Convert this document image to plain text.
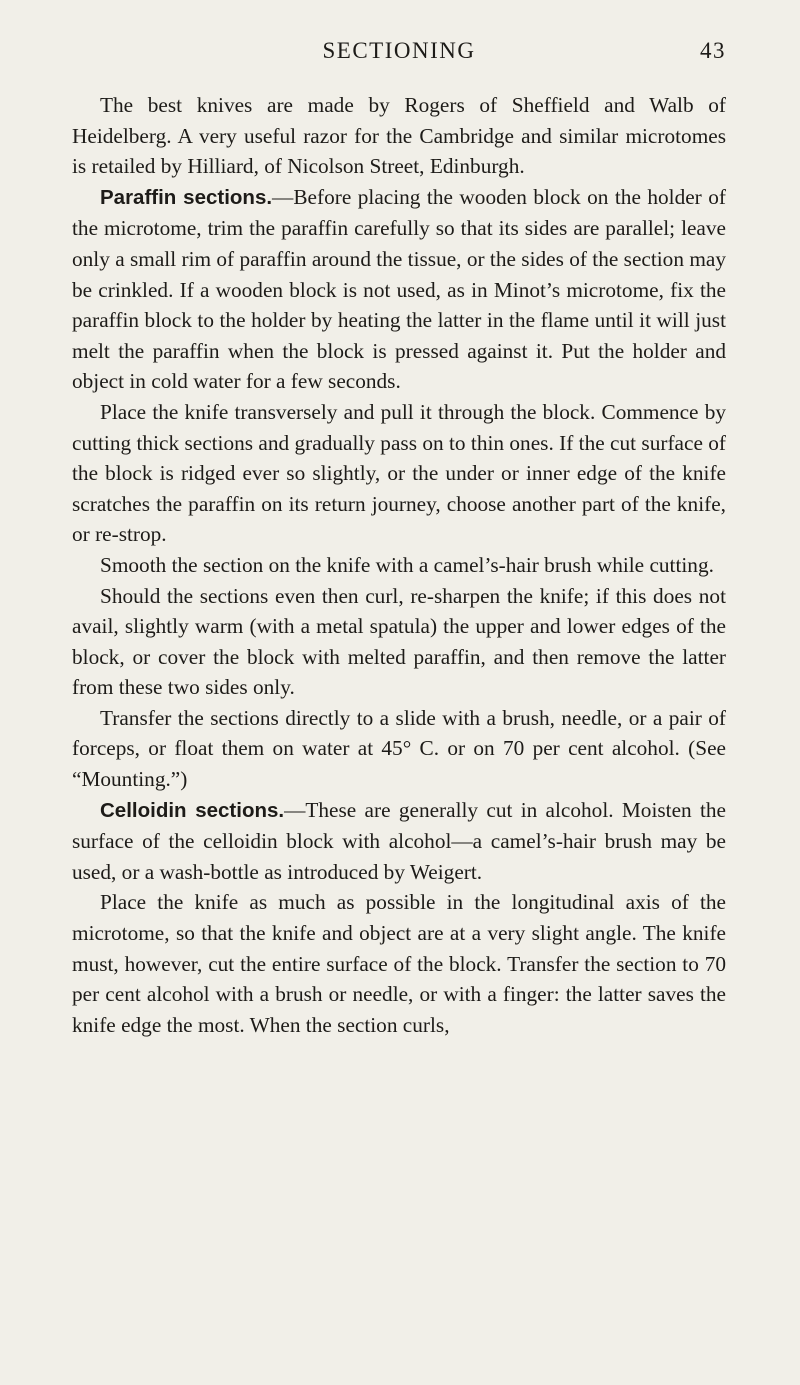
SECTIONING	43

The best knives are made by Rogers of Sheffield and Walb of Heidelberg. A very useful razor for the Cambridge and similar microtomes is retailed by Hilliard, of Nicolson Street, Edinburgh.

Paraffin sections.—Before placing the wooden block on the holder of the microtome, trim the paraffin carefully so that its sides are parallel; leave only a small rim of paraffin around the tissue, or the sides of the section may be crinkled. If a wooden block is not used, as in Minot’s microtome, fix the paraffin block to the holder by heating the latter in the flame until it will just melt the paraffin when the block is pressed against it. Put the holder and object in cold water for a few seconds.

Place the knife transversely and pull it through the block. Commence by cutting thick sections and gradually pass on to thin ones. If the cut surface of the block is ridged ever so slightly, or the under or inner edge of the knife scratches the paraffin on its return journey, choose another part of the knife, or re-strop.

Smooth the section on the knife with a camel’s-hair brush while cutting.

Should the sections even then curl, re-sharpen the knife; if this does not avail, slightly warm (with a metal spatula) the upper and lower edges of the block, or cover the block with melted paraffin, and then remove the latter from these two sides only.

Transfer the sections directly to a slide with a brush, needle, or a pair of forceps, or float them on water at 45° C. or on 70 per cent alcohol. (See “Mounting.”)

Celloidin sections.—These are generally cut in alcohol. Moisten the surface of the celloidin block with alcohol—a camel’s-hair brush may be used, or a wash-bottle as introduced by Weigert.

Place the knife as much as possible in the longitudinal axis of the microtome, so that the knife and object are at a very slight angle. The knife must, however, cut the entire surface of the block. Transfer the section to 70 per cent alcohol with a brush or needle, or with a finger: the latter saves the knife edge the most. When the section curls,
